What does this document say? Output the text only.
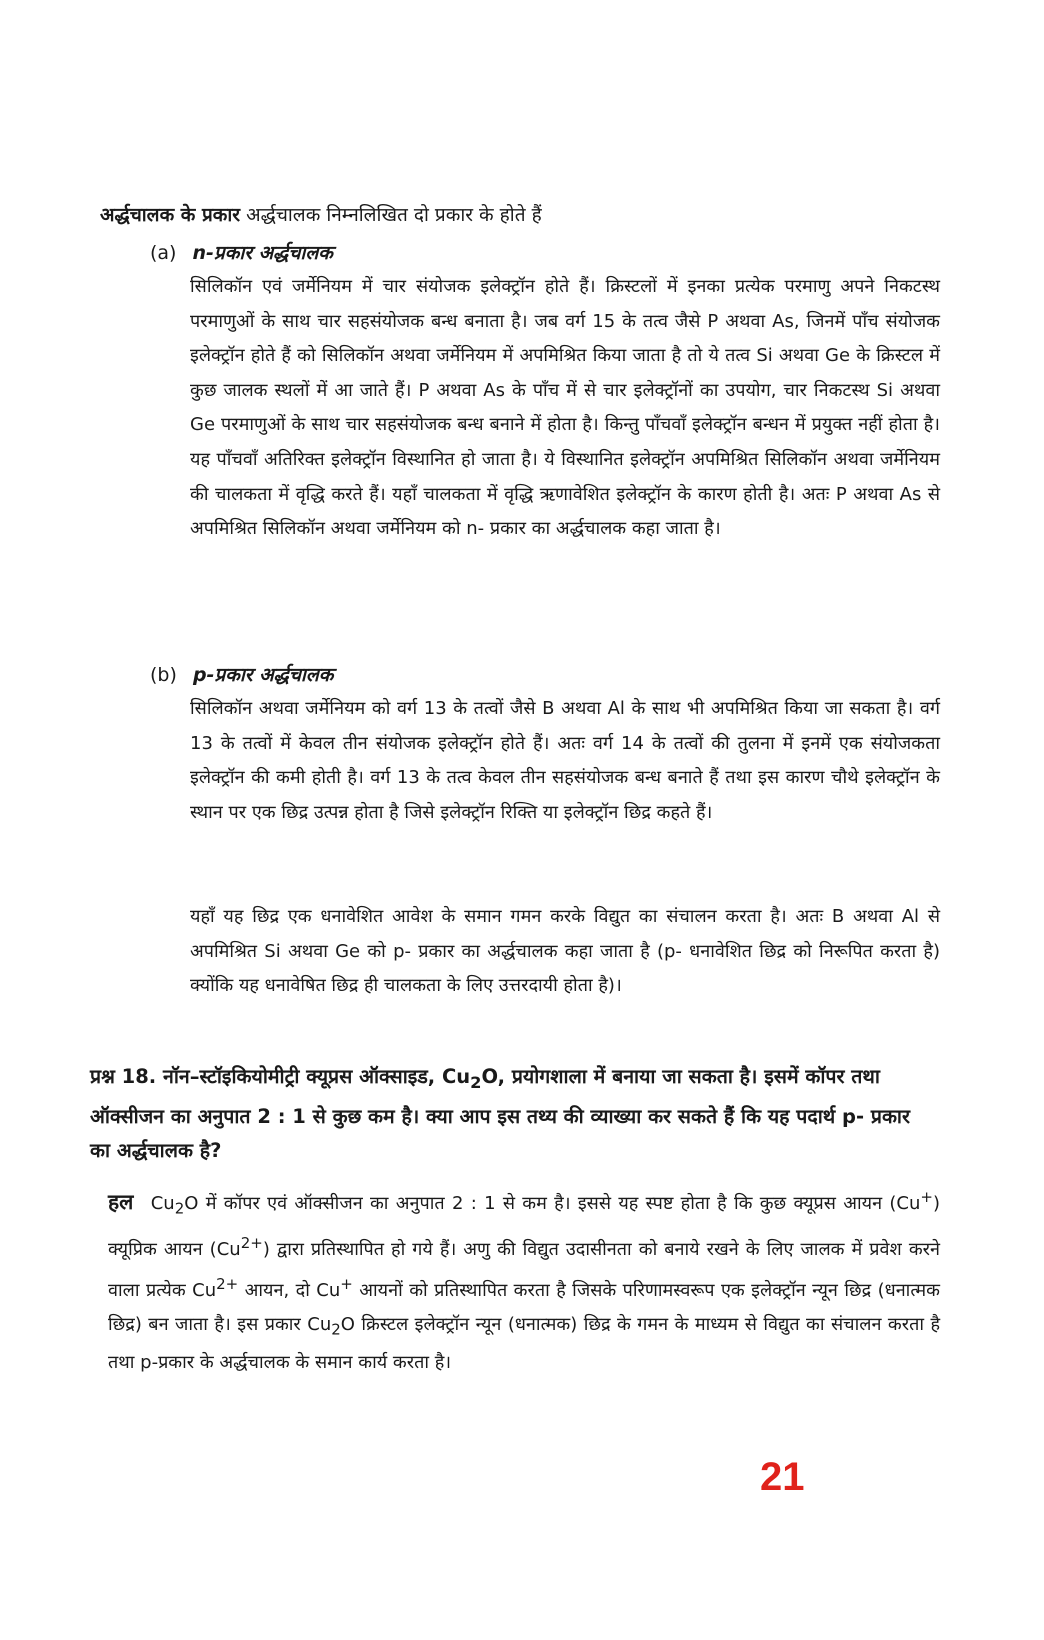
अर्द्धचालक के प्रकार अर्द्धचालक निम्नलिखित दो प्रकार के होते हैं

(a) n-प्रकार अर्द्धचालक

सिलिकॉन एवं जर्मेनियम में चार संयोजक इलेक्ट्रॉन होते हैं। क्रिस्टलों में इनका प्रत्येक परमाणु अपने निकटस्थ परमाणुओं के साथ चार सहसंयोजक बन्ध बनाता है। जब वर्ग 15 के तत्व जैसे P अथवा As, जिनमें पाँच संयोजक इलेक्ट्रॉन होते हैं को सिलिकॉन अथवा जर्मेनियम में अपमिश्रित किया जाता है तो ये तत्व Si अथवा Ge के क्रिस्टल में कुछ जालक स्थलों में आ जाते हैं। P अथवा As के पाँच में से चार इलेक्ट्रॉनों का उपयोग, चार निकटस्थ Si अथवा Ge परमाणुओं के साथ चार सहसंयोजक बन्ध बनाने में होता है। किन्तु पाँचवाँ इलेक्ट्रॉन बन्धन में प्रयुक्त नहीं होता है। यह पाँचवाँ अतिरिक्त इलेक्ट्रॉन विस्थानित हो जाता है। ये विस्थानित इलेक्ट्रॉन अपमिश्रित सिलिकॉन अथवा जर्मेनियम की चालकता में वृद्धि करते हैं। यहाँ चालकता में वृद्धि ऋणावेशित इलेक्ट्रॉन के कारण होती है। अतः P अथवा As से अपमिश्रित सिलिकॉन अथवा जर्मेनियम को n- प्रकार का अर्द्धचालक कहा जाता है।

(b) p-प्रकार अर्द्धचालक

सिलिकॉन अथवा जर्मेनियम को वर्ग 13 के तत्वों जैसे B अथवा Al के साथ भी अपमिश्रित किया जा सकता है। वर्ग 13 के तत्वों में केवल तीन संयोजक इलेक्ट्रॉन होते हैं। अतः वर्ग 14 के तत्वों की तुलना में इनमें एक संयोजकता इलेक्ट्रॉन की कमी होती है। वर्ग 13 के तत्व केवल तीन सहसंयोजक बन्ध बनाते हैं तथा इस कारण चौथे इलेक्ट्रॉन के स्थान पर एक छिद्र उत्पन्न होता है जिसे इलेक्ट्रॉन रिक्ति या इलेक्ट्रॉन छिद्र कहते हैं।

यहाँ यह छिद्र एक धनावेशित आवेश के समान गमन करके विद्युत का संचालन करता है। अतः B अथवा Al से अपमिश्रित Si अथवा Ge को p- प्रकार का अर्द्धचालक कहा जाता है (p- धनावेशित छिद्र को निरूपित करता है) क्योंकि यह धनावेषित छिद्र ही चालकता के लिए उत्तरदायी होता है)।

प्रश्न 18. नॉन–स्टॉइकियोमीट्री क्यूप्रस ऑक्साइड, $Cu_2O$, प्रयोगशाला में बनाया जा सकता है। इसमें कॉपर तथा ऑक्सीजन का अनुपात 2 : 1 से कुछ कम है। क्या आप इस तथ्य की व्याख्या कर सकते हैं कि यह पदार्थ p- प्रकार का अर्द्धचालक है?

हल $Cu_2O$ में कॉपर एवं ऑक्सीजन का अनुपात 2 : 1 से कम है। इससे यह स्पष्ट होता है कि कुछ क्यूप्रस आयन (Cu+) क्यूप्रिक आयन $(Cu^{2+})$ द्वारा प्रतिस्थापित हो गये हैं। अणु की विद्युत उदासीनता को बनाये रखने के लिए जालक में प्रवेश करने वाला प्रत्येक $Cu^{2+}$ आयन, दो Cu+ आयनों को प्रतिस्थापित करता है जिसके परिणामस्वरूप एक इलेक्ट्रॉन न्यून छिद्र (धनात्मक छिद्र) बन जाता है। इस प्रकार $Cu_2O$ क्रिस्टल इलेक्ट्रॉन न्यून (धनात्मक) छिद्र के गमन के माध्यम से विद्युत का संचालन करता है तथा p-प्रकार के अर्द्धचालक के समान कार्य करता है।

21
